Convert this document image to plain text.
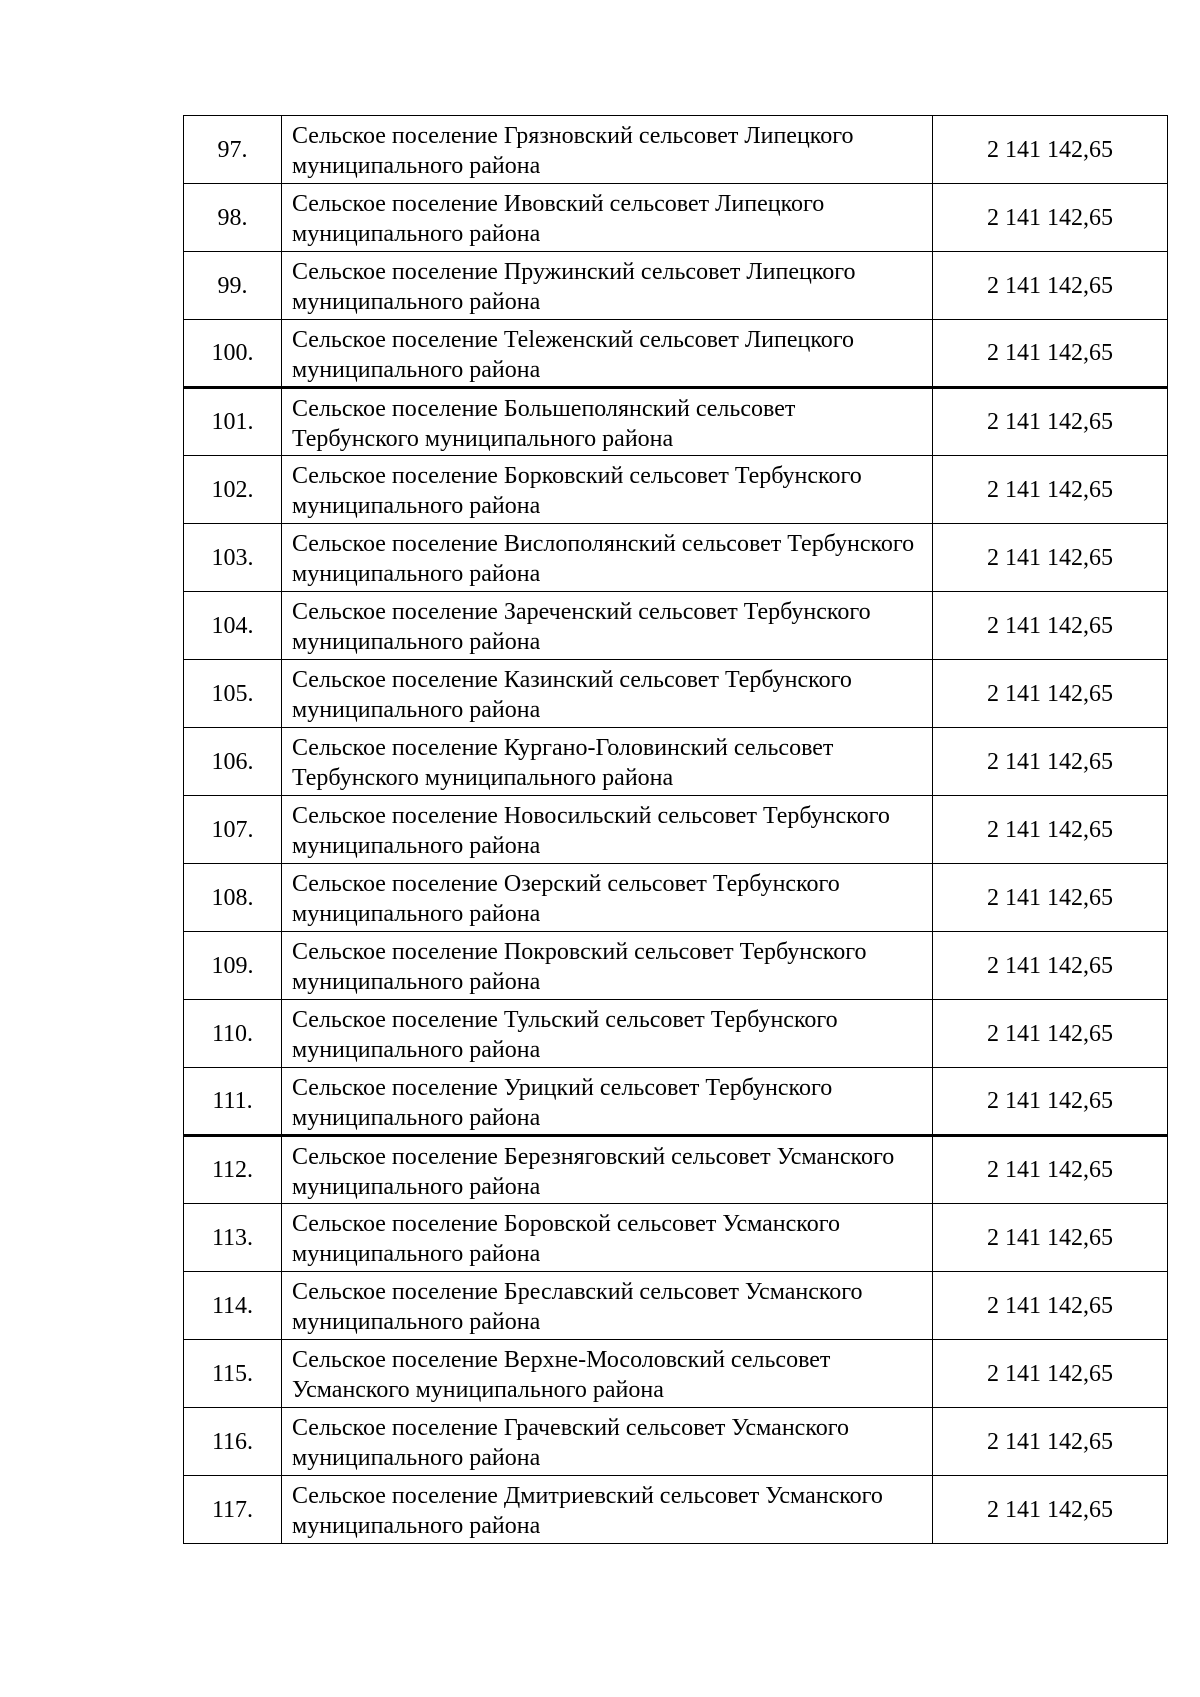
97.	Сельское поселение Грязновский сельсовет Липецкого муниципального района	2 141 142,65
98.	Сельское поселение Ивовский сельсовет Липецкого муниципального района	2 141 142,65
99.	Сельское поселение Пружинский сельсовет Липецкого муниципального района	2 141 142,65
100.	Сельское поселение Теleженский сельсовет Липецкого муниципального района	2 141 142,65
101.	Сельское поселение Большеполянский сельсовет Тербунского муниципального района	2 141 142,65
102.	Сельское поселение Борковский сельсовет Тербунского муниципального района	2 141 142,65
103.	Сельское поселение Вислополянский сельсовет Тербунского муниципального района	2 141 142,65
104.	Сельское поселение Зареченский сельсовет Тербунского муниципального района	2 141 142,65
105.	Сельское поселение Казинский сельсовет Тербунского муниципального района	2 141 142,65
106.	Сельское поселение Кургано-Головинский сельсовет Тербунского муниципального района	2 141 142,65
107.	Сельское поселение Новосильский сельсовет Тербунского муниципального района	2 141 142,65
108.	Сельское поселение Озерский сельсовет Тербунского муниципального района	2 141 142,65
109.	Сельское поселение Покровский сельсовет Тербунского муниципального района	2 141 142,65
110.	Сельское поселение Тульский сельсовет Тербунского муниципального района	2 141 142,65
111.	Сельское поселение Урицкий сельсовет Тербунского муниципального района	2 141 142,65
112.	Сельское поселение Березняговский сельсовет Усманского муниципального района	2 141 142,65
113.	Сельское поселение Боровской сельсовет Усманского муниципального района	2 141 142,65
114.	Сельское поселение Бреславский сельсовет Усманского муниципального района	2 141 142,65
115.	Сельское поселение Верхне-Мосоловский сельсовет Усманского муниципального района	2 141 142,65
116.	Сельское поселение Грачевский сельсовет Усманского муниципального района	2 141 142,65
117.	Сельское поселение Дмитриевский сельсовет Усманского муниципального района	2 141 142,65
